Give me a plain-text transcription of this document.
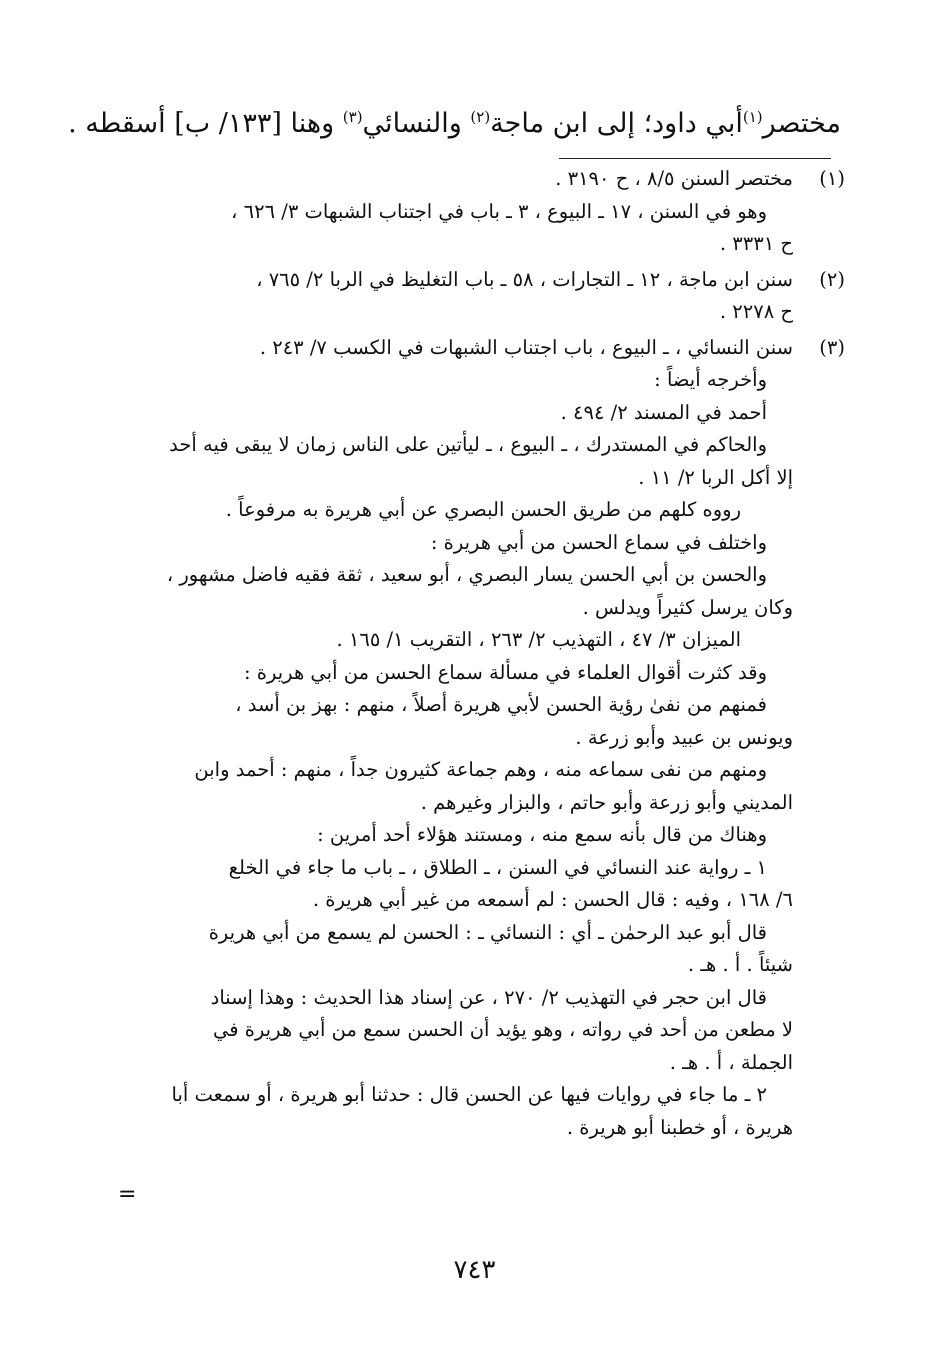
مختصر$^{(١)}$أبي داود؛ إلى ابن ماجة$^{(٢)}$ والنسائي$^{(٣)}$ وهنا [١٣٣/ ب] أسقطه .
(١)

مختصر السنن ٨/٥ ، ح ٣١٩٠ .

وهو في السنن ، ١٧ ـ البيوع ، ٣ ـ باب في اجتناب الشبهات ٣/ ٦٢٦ ،

ح ٣٣٣١ .

(٢)

سنن ابن ماجة ، ١٢ ـ التجارات ، ٥٨ ـ باب التغليظ في الربا ٢/ ٧٦٥ ،

ح ٢٢٧٨ .

(٣)

سنن النسائي ، ـ البيوع ، باب اجتناب الشبهات في الكسب ٧/ ٢٤٣ .

وأخرجه أيضاً :

أحمد في المسند ٢/ ٤٩٤ .

والحاكم في المستدرك ، ـ البيوع ، ـ ليأتين على الناس زمان لا يبقى فيه أحد

إلا أكل الربا ٢/ ١١ .

رووه كلهم من طريق الحسن البصري عن أبي هريرة به مرفوعاً .

واختلف في سماع الحسن من أبي هريرة :

والحسن بن أبي الحسن يسار البصري ، أبو سعيد ، ثقة فقيه فاضل مشهور ،

وكان يرسل كثيراً ويدلس .

الميزان ٣/ ٤٧ ، التهذيب ٢/ ٢٦٣ ، التقريب ١/ ١٦٥ .

وقد كثرت أقوال العلماء في مسألة سماع الحسن من أبي هريرة :

فمنهم من نفىٰ رؤية الحسن لأبي هريرة أصلاً ، منهم : بهز بن أسد ،

ويونس بن عبيد وأبو زرعة .

ومنهم من نفى سماعه منه ، وهم جماعة كثيرون جداً ، منهم : أحمد وابن

المديني وأبو زرعة وأبو حاتم ، والبزار وغيرهم .

وهناك من قال بأنه سمع منه ، ومستند هؤلاء أحد أمرين :

١ ـ رواية عند النسائي في السنن ، ـ الطلاق ، ـ باب ما جاء في الخلع

٦/ ١٦٨ ، وفيه : قال الحسن : لم أسمعه من غير أبي هريرة .

قال أبو عبد الرحمٰن ـ أي : النسائي ـ : الحسن لم يسمع من أبي هريرة

شيئاً . أ . هـ .

قال ابن حجر في التهذيب ٢/ ٢٧٠ ، عن إسناد هذا الحديث : وهذا إسناد

لا مطعن من أحد في رواته ، وهو يؤيد أن الحسن سمع من أبي هريرة في

الجملة ، أ . هـ .

٢ ـ ما جاء في روايات فيها عن الحسن قال : حدثنا أبو هريرة ، أو سمعت أبا

هريرة ، أو خطبنا أبو هريرة .

=
٧٤٣
